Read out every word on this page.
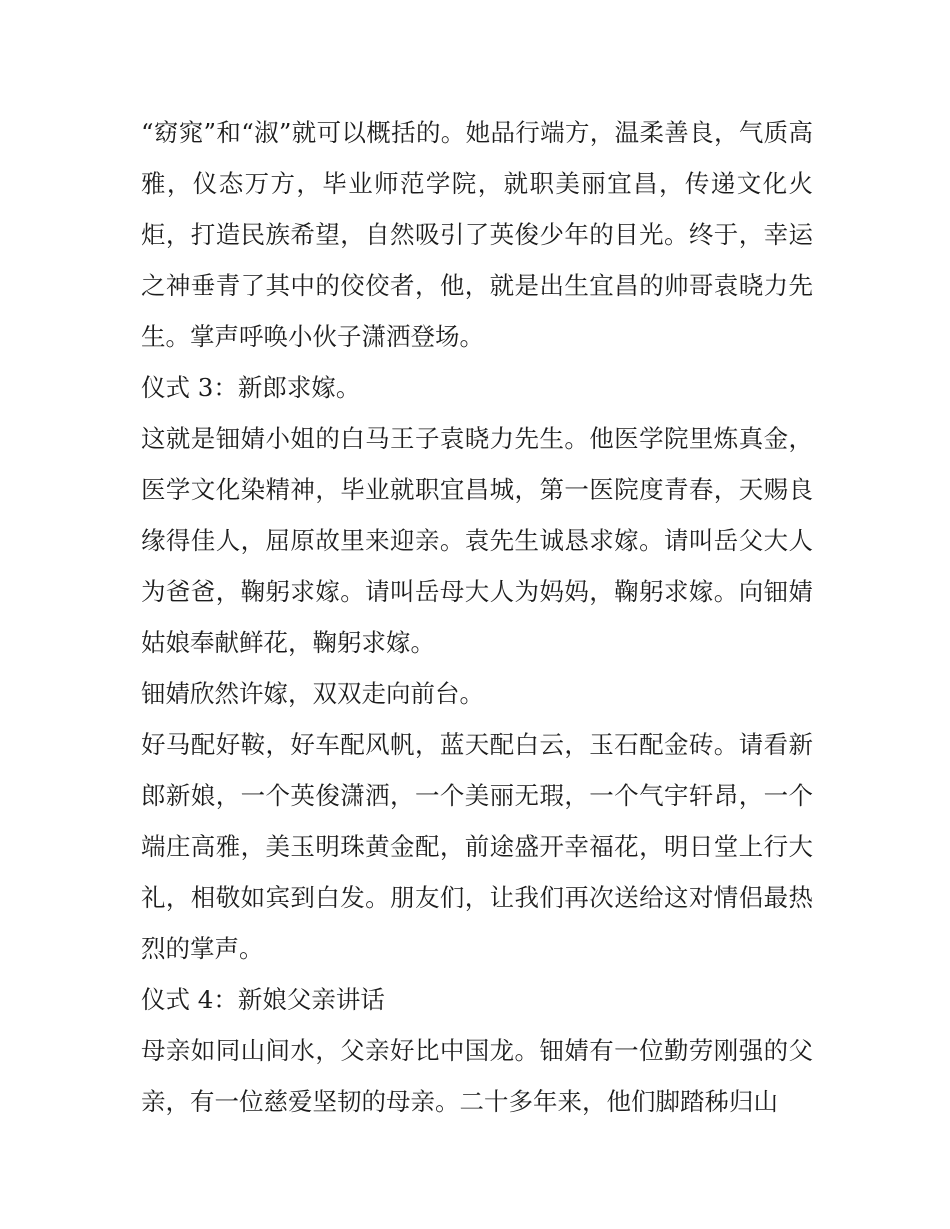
“窈窕”和“淑”就可以概括的。她品行端方，温柔善良，气质高雅，仪态万方，毕业师范学院，就职美丽宜昌，传递文化火炬，打造民族希望，自然吸引了英俊少年的目光。终于，幸运之神垂青了其中的佼佼者，他，就是出生宜昌的帅哥袁晓力先生。掌声呼唤小伙子潇洒登场。

仪式 3：新郎求嫁。

这就是钿婧小姐的白马王子袁晓力先生。他医学院里炼真金，医学文化染精神，毕业就职宜昌城，第一医院度青春，天赐良缘得佳人，屈原故里来迎亲。袁先生诚恳求嫁。请叫岳父大人为爸爸，鞠躬求嫁。请叫岳母大人为妈妈，鞠躬求嫁。向钿婧姑娘奉献鲜花，鞠躬求嫁。

钿婧欣然许嫁，双双走向前台。

好马配好鞍，好车配风帆，蓝天配白云，玉石配金砖。请看新郎新娘，一个英俊潇洒，一个美丽无瑕，一个气宇轩昂，一个端庄高雅，美玉明珠黄金配，前途盛开幸福花，明日堂上行大礼，相敬如宾到白发。朋友们，让我们再次送给这对情侣最热烈的掌声。

仪式 4：新娘父亲讲话

母亲如同山间水，父亲好比中国龙。钿婧有一位勤劳刚强的父亲，有一位慈爱坚韧的母亲。二十多年来，他们脚踏秭归山
